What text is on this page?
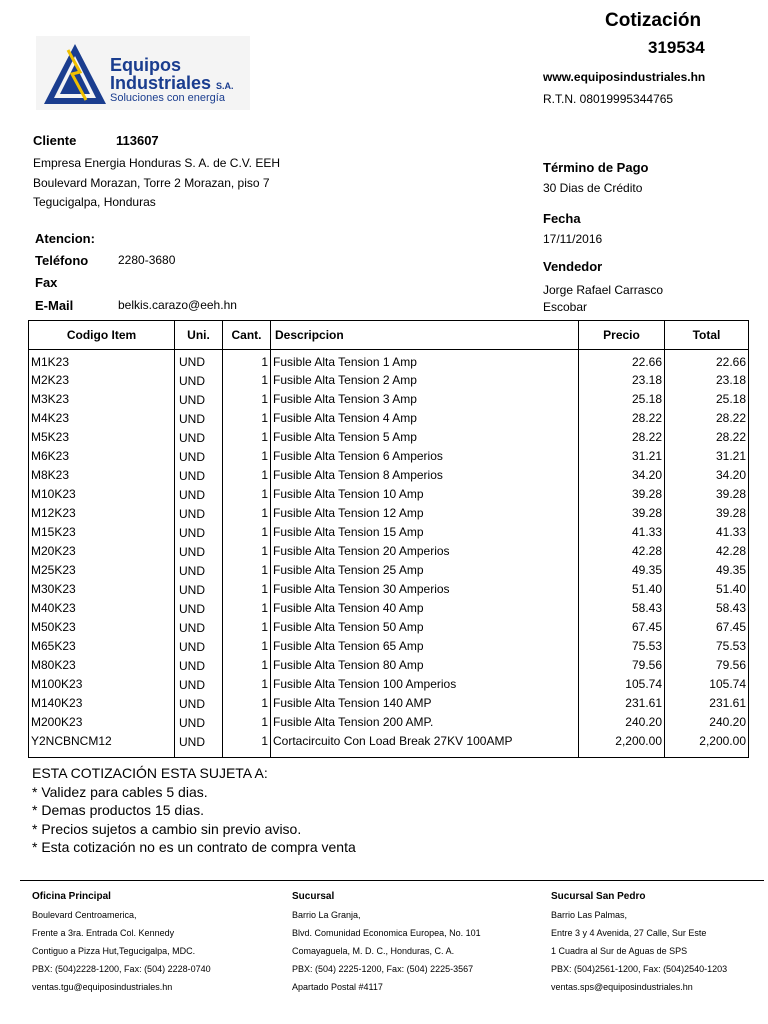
Equipos
Industriales S.A.
Soluciones con energía
Cotización
319534
www.equiposindustriales.hn
R.T.N. 08019995344765
Cliente	113607
Empresa Energia Honduras S. A. de C.V. EEH
Boulevard Morazan, Torre 2 Morazan, piso 7
Tegucigalpa, Honduras
Atencion:
Teléfono 2280-3680
Fax
E-Mail	belkis.carazo@eeh.hn
Término de Pago
30 Dias de Crédito
Fecha
17/11/2016
Vendedor
Jorge Rafael Carrasco
Escobar
Codigo Item	Uni.	Cant.	Descripcion	Precio	Total
M1K23	UND	1	Fusible Alta Tension 1 Amp	22.66	22.66
M2K23	UND	1	Fusible Alta Tension 2 Amp	23.18	23.18
M3K23	UND	1	Fusible Alta Tension 3 Amp	25.18	25.18
M4K23	UND	1	Fusible Alta Tension 4 Amp	28.22	28.22
M5K23	UND	1	Fusible Alta Tension 5 Amp	28.22	28.22
M6K23	UND	1	Fusible Alta Tension 6 Amperios	31.21	31.21
M8K23	UND	1	Fusible Alta Tension 8 Amperios	34.20	34.20
M10K23	UND	1	Fusible Alta Tension 10 Amp	39.28	39.28
M12K23	UND	1	Fusible Alta Tension 12 Amp	39.28	39.28
M15K23	UND	1	Fusible Alta Tension 15 Amp	41.33	41.33
M20K23	UND	1	Fusible Alta Tension 20 Amperios	42.28	42.28
M25K23	UND	1	Fusible Alta Tension 25 Amp	49.35	49.35
M30K23	UND	1	Fusible Alta Tension 30 Amperios	51.40	51.40
M40K23	UND	1	Fusible Alta Tension 40 Amp	58.43	58.43
M50K23	UND	1	Fusible Alta Tension 50 Amp	67.45	67.45
M65K23	UND	1	Fusible Alta Tension 65 Amp	75.53	75.53
M80K23	UND	1	Fusible Alta Tension 80 Amp	79.56	79.56
M100K23	UND	1	Fusible Alta Tension 100 Amperios	105.74	105.74
M140K23	UND	1	Fusible Alta Tension 140 AMP	231.61	231.61
M200K23	UND	1	Fusible Alta Tension 200 AMP.	240.20	240.20
Y2NCBNCM12	UND	1	Cortacircuito Con Load Break 27KV 100AMP	2,200.00	2,200.00
ESTA COTIZACIÓN ESTA SUJETA A:
* Validez para cables 5 dias.
* Demas productos 15 dias.
* Precios sujetos a cambio sin previo aviso.
* Esta cotización no es un contrato de compra venta
Oficina Principal
Boulevard Centroamerica,
Frente a 3ra. Entrada Col. Kennedy
Contiguo a Pizza Hut,Tegucigalpa, MDC.
PBX: (504)2228-1200, Fax: (504) 2228-0740
ventas.tgu@equiposindustriales.hn
Sucursal
Barrio La Granja,
Blvd. Comunidad Economica Europea, No. 101
Comayaguela, M. D. C., Honduras, C. A.
PBX: (504) 2225-1200, Fax: (504) 2225-3567
Apartado Postal #4117
Sucursal San Pedro
Barrio Las Palmas,
Entre 3 y 4 Avenida, 27 Calle, Sur Este
1 Cuadra al Sur de Aguas de SPS
PBX: (504)2561-1200, Fax: (504)2540-1203
ventas.sps@equiposindustriales.hn
